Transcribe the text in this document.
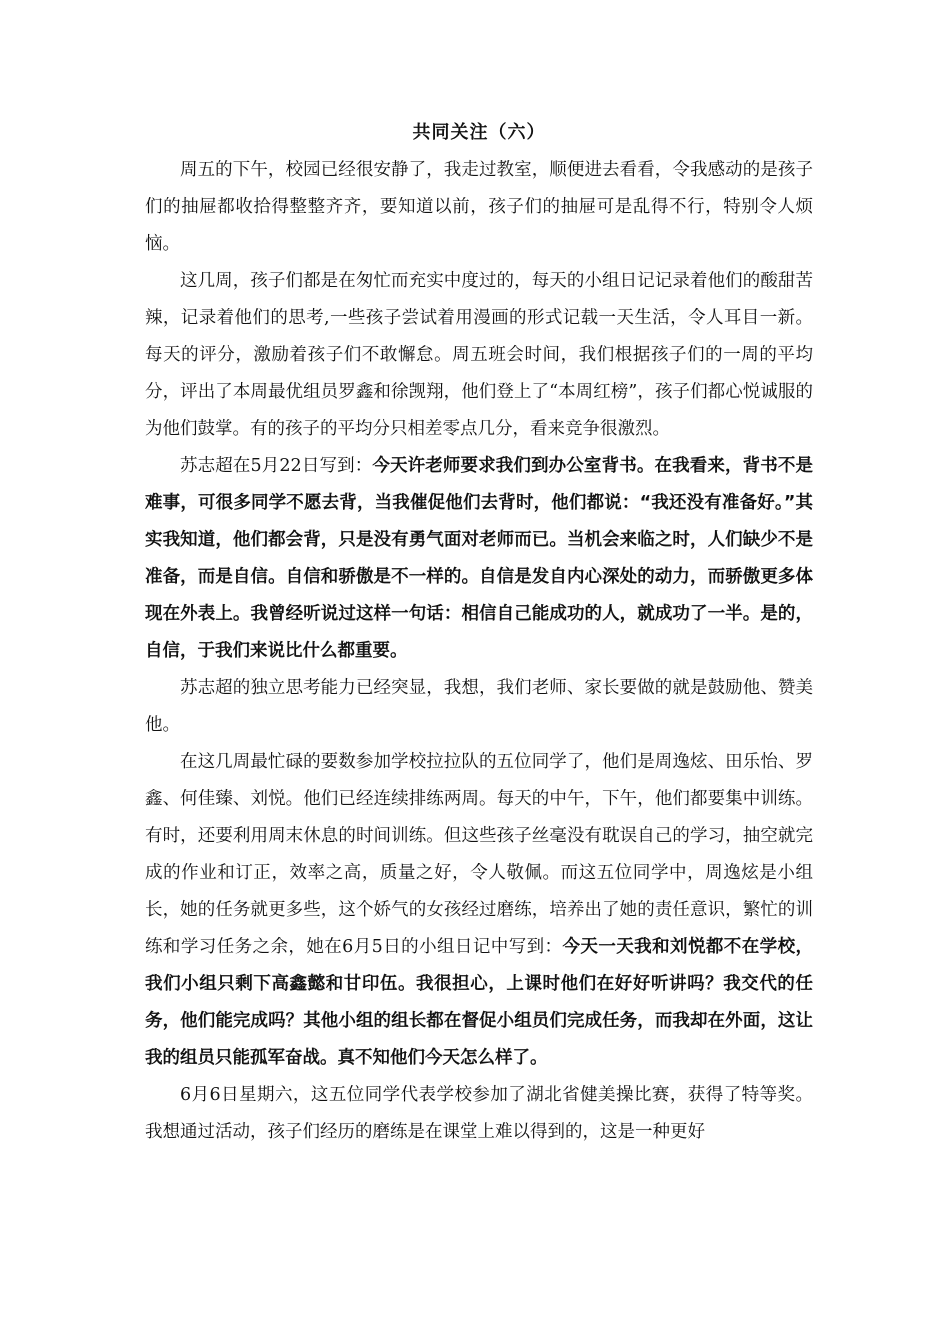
共同关注（六）

周五的下午，校园已经很安静了，我走过教室，顺便进去看看，令我感动的是孩子们的抽屉都收拾得整整齐齐，要知道以前，孩子们的抽屉可是乱得不行，特别令人烦恼。

这几周，孩子们都是在匆忙而充实中度过的，每天的小组日记记录着他们的酸甜苦辣，记录着他们的思考,一些孩子尝试着用漫画的形式记载一天生活，令人耳目一新。每天的评分，激励着孩子们不敢懈怠。周五班会时间，我们根据孩子们的一周的平均分，评出了本周最优组员罗鑫和徐觊翔，他们登上了“本周红榜”，孩子们都心悦诚服的为他们鼓掌。有的孩子的平均分只相差零点几分，看来竞争很激烈。

苏志超在5月22日写到：今天许老师要求我们到办公室背书。在我看来，背书不是难事，可很多同学不愿去背，当我催促他们去背时，他们都说：“我还没有准备好。”其实我知道，他们都会背，只是没有勇气面对老师而已。当机会来临之时，人们缺少不是准备，而是自信。自信和骄傲是不一样的。自信是发自内心深处的动力，而骄傲更多体现在外表上。我曾经听说过这样一句话：相信自己能成功的人，就成功了一半。是的，自信，于我们来说比什么都重要。

苏志超的独立思考能力已经突显，我想，我们老师、家长要做的就是鼓励他、赞美他。

在这几周最忙碌的要数参加学校拉拉队的五位同学了，他们是周逸炫、田乐怡、罗鑫、何佳臻、刘悦。他们已经连续排练两周。每天的中午，下午，他们都要集中训练。有时，还要利用周末休息的时间训练。但这些孩子丝毫没有耽误自己的学习，抽空就完成的作业和订正，效率之高，质量之好，令人敬佩。而这五位同学中，周逸炫是小组长，她的任务就更多些，这个娇气的女孩经过磨练，培养出了她的责任意识，繁忙的训练和学习任务之余，她在6月5日的小组日记中写到：今天一天我和刘悦都不在学校，我们小组只剩下高鑫懿和甘印伍。我很担心，上课时他们在好好听讲吗？我交代的任务，他们能完成吗？其他小组的组长都在督促小组员们完成任务，而我却在外面，这让我的组员只能孤军奋战。真不知他们今天怎么样了。

6月6日星期六，这五位同学代表学校参加了湖北省健美操比赛，获得了特等奖。我想通过活动，孩子们经历的磨练是在课堂上难以得到的，这是一种更好
